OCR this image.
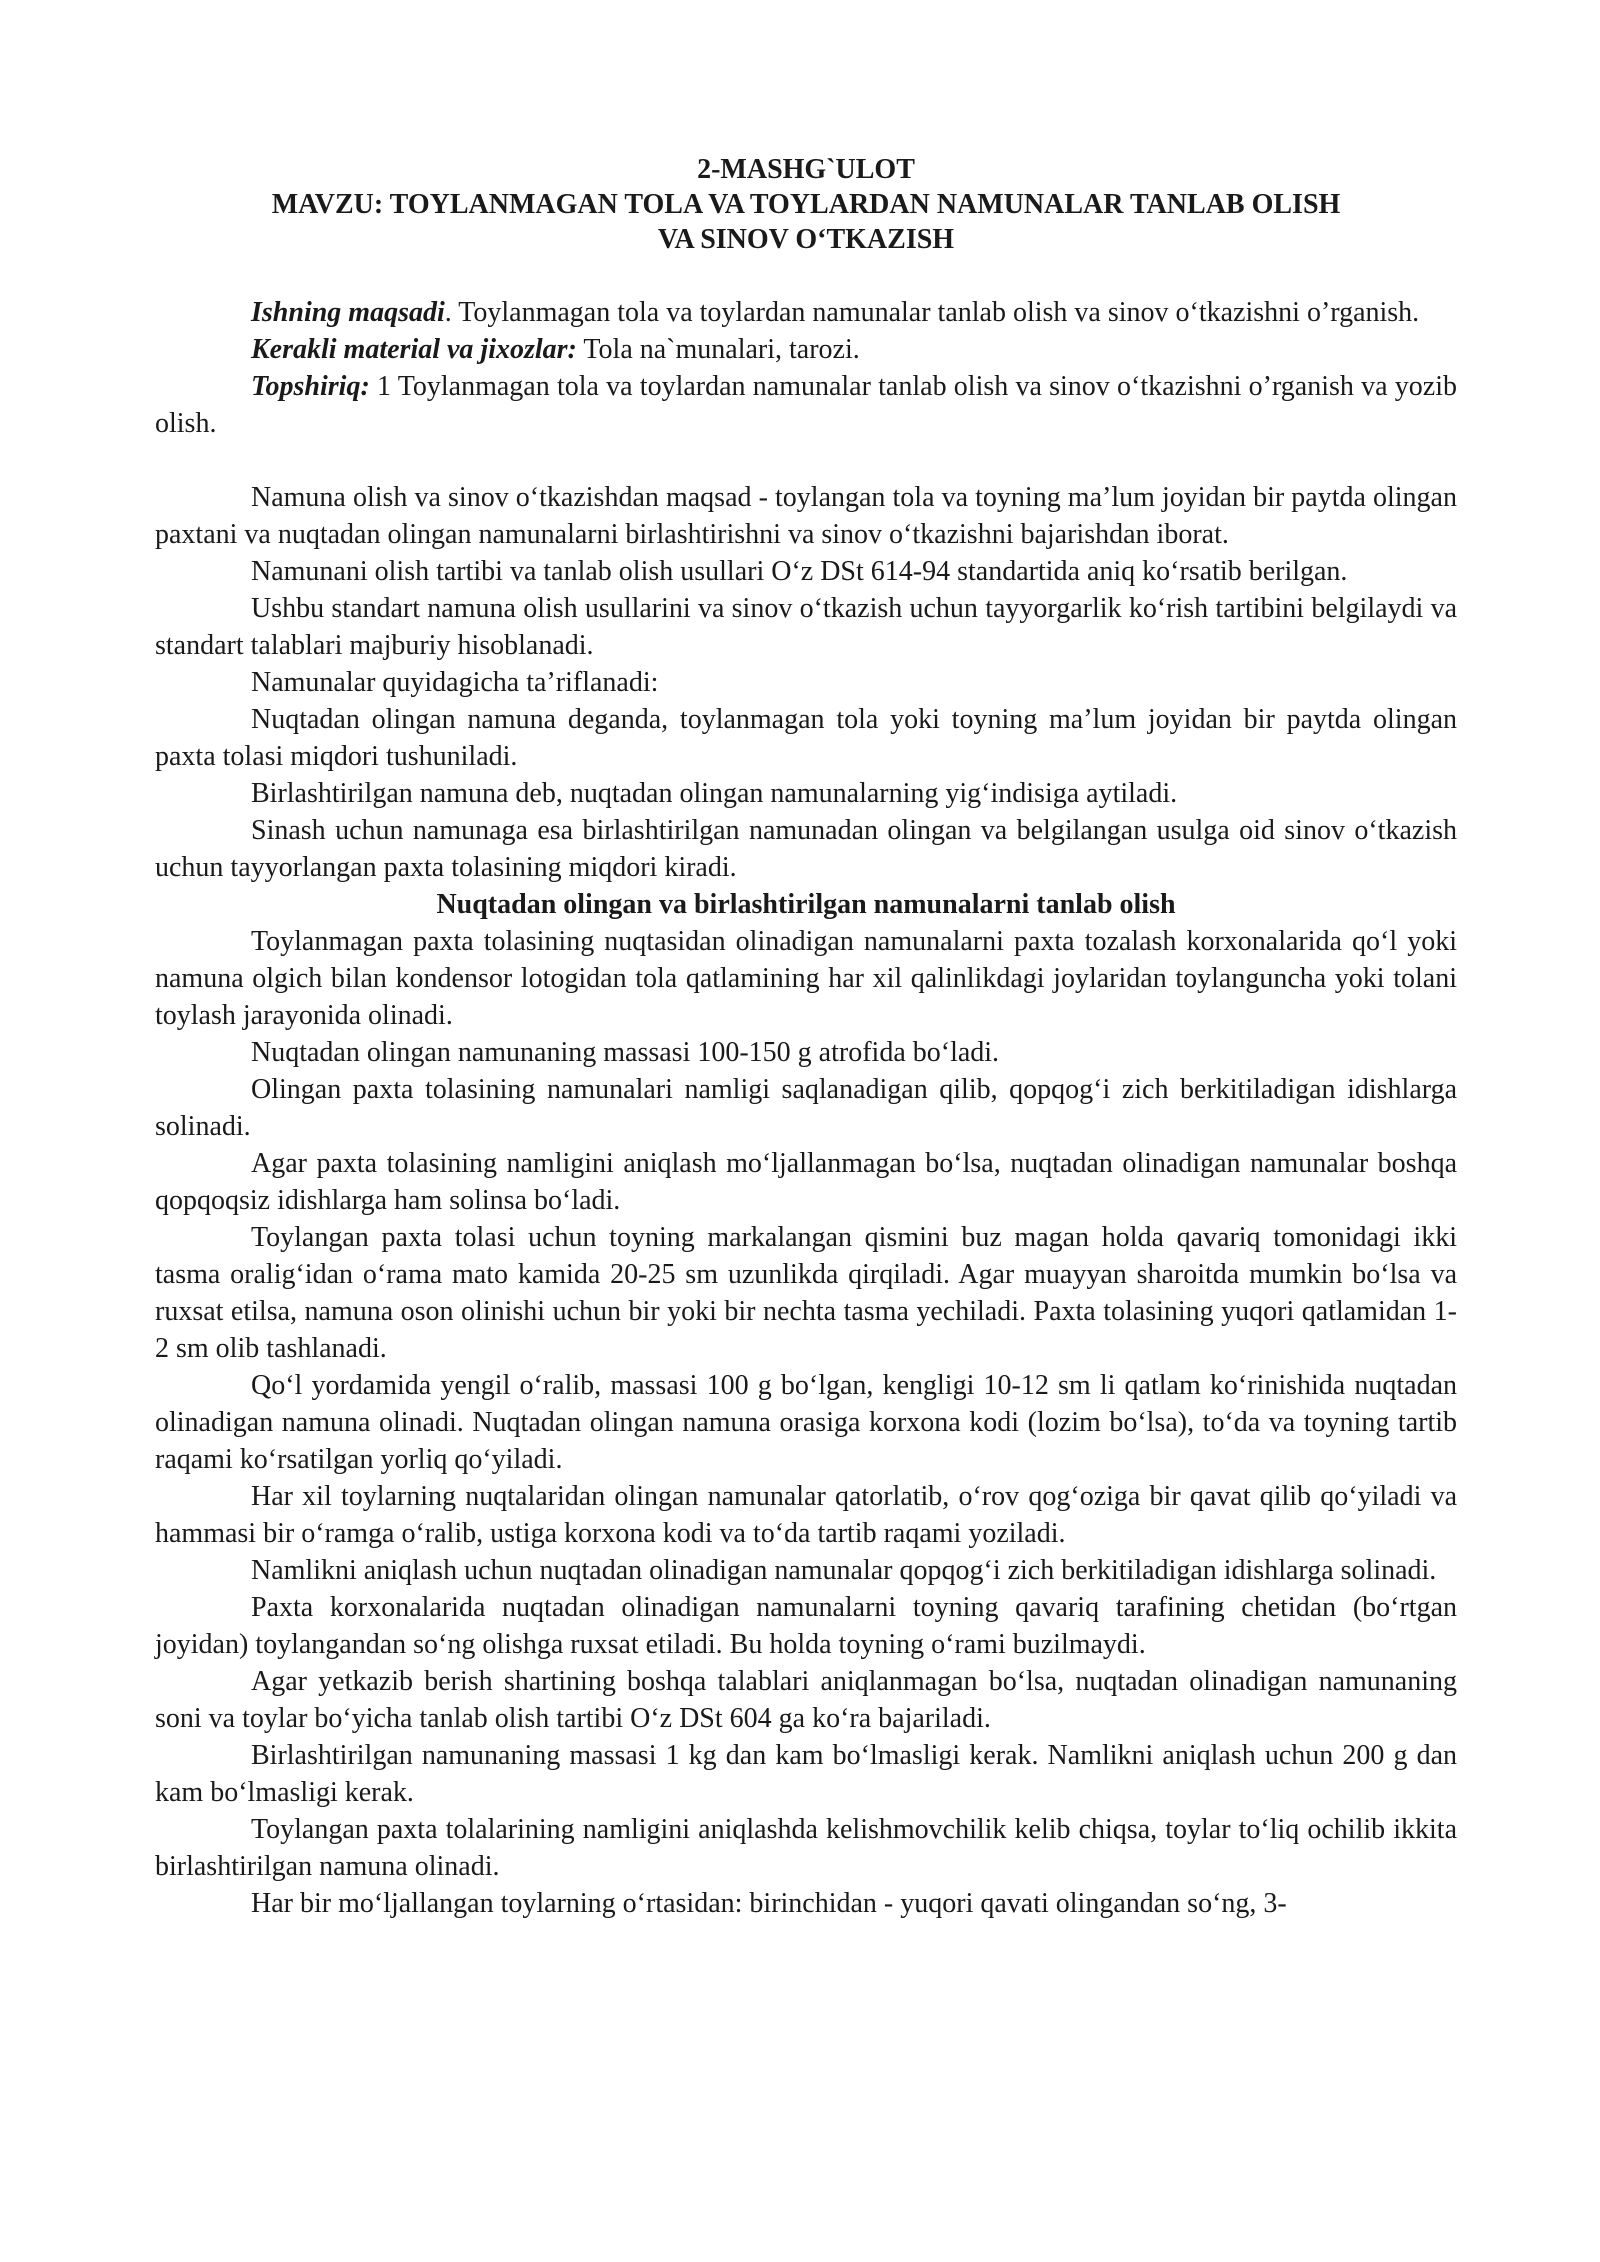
2-MASHG`ULOT
MAVZU: TOYLANMAGAN TOLA VA TOYLARDAN NAMUNALAR TANLAB OLISH
VA SINOV O‘TKAZISH

Ishning maqsadi. Toylanmagan tola va toylardan namunalar tanlab olish va sinov o‘tkazishni o’rganish.

Kerakli material va jixozlar: Tola na`munalari, tarozi.

Topshiriq: 1 Toylanmagan tola va toylardan namunalar tanlab olish va sinov o‘tkazishni o’rganish va yozib olish.

Namuna olish va sinov o‘tkazishdan maqsad - toylangan tola va toyning ma’lum joyidan bir paytda olingan paxtani va nuqtadan olingan namunalarni birlashtirishni va sinov o‘tkazishni bajarishdan iborat.

Namunani olish tartibi va tanlab olish usullari O‘z DSt 614-94 standartida aniq ko‘rsatib berilgan.

Ushbu standart namuna olish usullarini va sinov o‘tkazish uchun tayyorgarlik ko‘rish tartibini belgilaydi va standart talablari majburiy hisoblanadi.

Namunalar quyidagicha ta’riflanadi:

Nuqtadan olingan namuna deganda, toylanmagan tola yoki toyning ma’lum joyidan bir paytda olingan paxta tolasi miqdori tushuniladi.

Birlashtirilgan namuna deb, nuqtadan olingan namunalarning yig‘indisiga aytiladi.

Sinash uchun namunaga esa birlashtirilgan namunadan olingan va belgilangan usulga oid sinov o‘tkazish uchun tayyorlangan paxta tolasining miqdori kiradi.

Nuqtadan olingan va birlashtirilgan namunalarni tanlab olish

Toylanmagan paxta tolasining nuqtasidan olinadigan namunalarni paxta tozalash korxonalarida qo‘l yoki namuna olgich bilan kondensor lotogidan tola qatlamining har xil qalinlikdagi joylaridan toylanguncha yoki tolani toylash jarayonida olinadi.

Nuqtadan olingan namunaning massasi 100-150 g atrofida bo‘ladi.

Olingan paxta tolasining namunalari namligi saqlanadigan qilib, qopqog‘i zich berkitiladigan idishlarga solinadi.

Agar paxta tolasining namligini aniqlash mo‘ljallanmagan bo‘lsa, nuqtadan olinadigan namunalar boshqa qopqoqsiz idishlarga ham solinsa bo‘ladi.

Toylangan paxta tolasi uchun toyning markalangan qismini buz magan holda qavariq tomonidagi ikki tasma oralig‘idan o‘rama mato kamida 20-25 sm uzunlikda qirqiladi. Agar muayyan sharoitda mumkin bo‘lsa va ruxsat etilsa, namuna oson olinishi uchun bir yoki bir nechta tasma yechiladi. Paxta tolasining yuqori qatlamidan 1-2 sm olib tashlanadi.

Qo‘l yordamida yengil o‘ralib, massasi 100 g bo‘lgan, kengligi 10-12 sm li qatlam ko‘rinishida nuqtadan olinadigan namuna olinadi. Nuqtadan olingan namuna orasiga korxona kodi (lozim bo‘lsa), to‘da va toyning tartib raqami ko‘rsatilgan yorliq qo‘yiladi.

Har xil toylarning nuqtalaridan olingan namunalar qatorlatib, o‘rov qog‘oziga bir qavat qilib qo‘yiladi va hammasi bir o‘ramga o‘ralib, ustiga korxona kodi va to‘da tartib raqami yoziladi.

Namlikni aniqlash uchun nuqtadan olinadigan namunalar qopqog‘i zich berkitiladigan idishlarga solinadi.

Paxta korxonalarida nuqtadan olinadigan namunalarni toyning qavariq tarafining chetidan (bo‘rtgan joyidan) toylangandan so‘ng olishga ruxsat etiladi. Bu holda toyning o‘rami buzilmaydi.

Agar yetkazib berish shartining boshqa talablari aniqlanmagan bo‘lsa, nuqtadan olinadigan namunaning soni va toylar bo‘yicha tanlab olish tartibi O‘z DSt 604 ga ko‘ra bajariladi.

Birlashtirilgan namunaning massasi 1 kg dan kam bo‘lmasligi kerak. Namlikni aniqlash uchun 200 g dan kam bo‘lmasligi kerak.

Toylangan paxta tolalarining namligini aniqlashda kelishmovchilik kelib chiqsa, toylar to‘liq ochilib ikkita birlashtirilgan namuna olinadi.

Har bir mo‘ljallangan toylarning o‘rtasidan: birinchidan - yuqori qavati olingandan so‘ng, 3-
